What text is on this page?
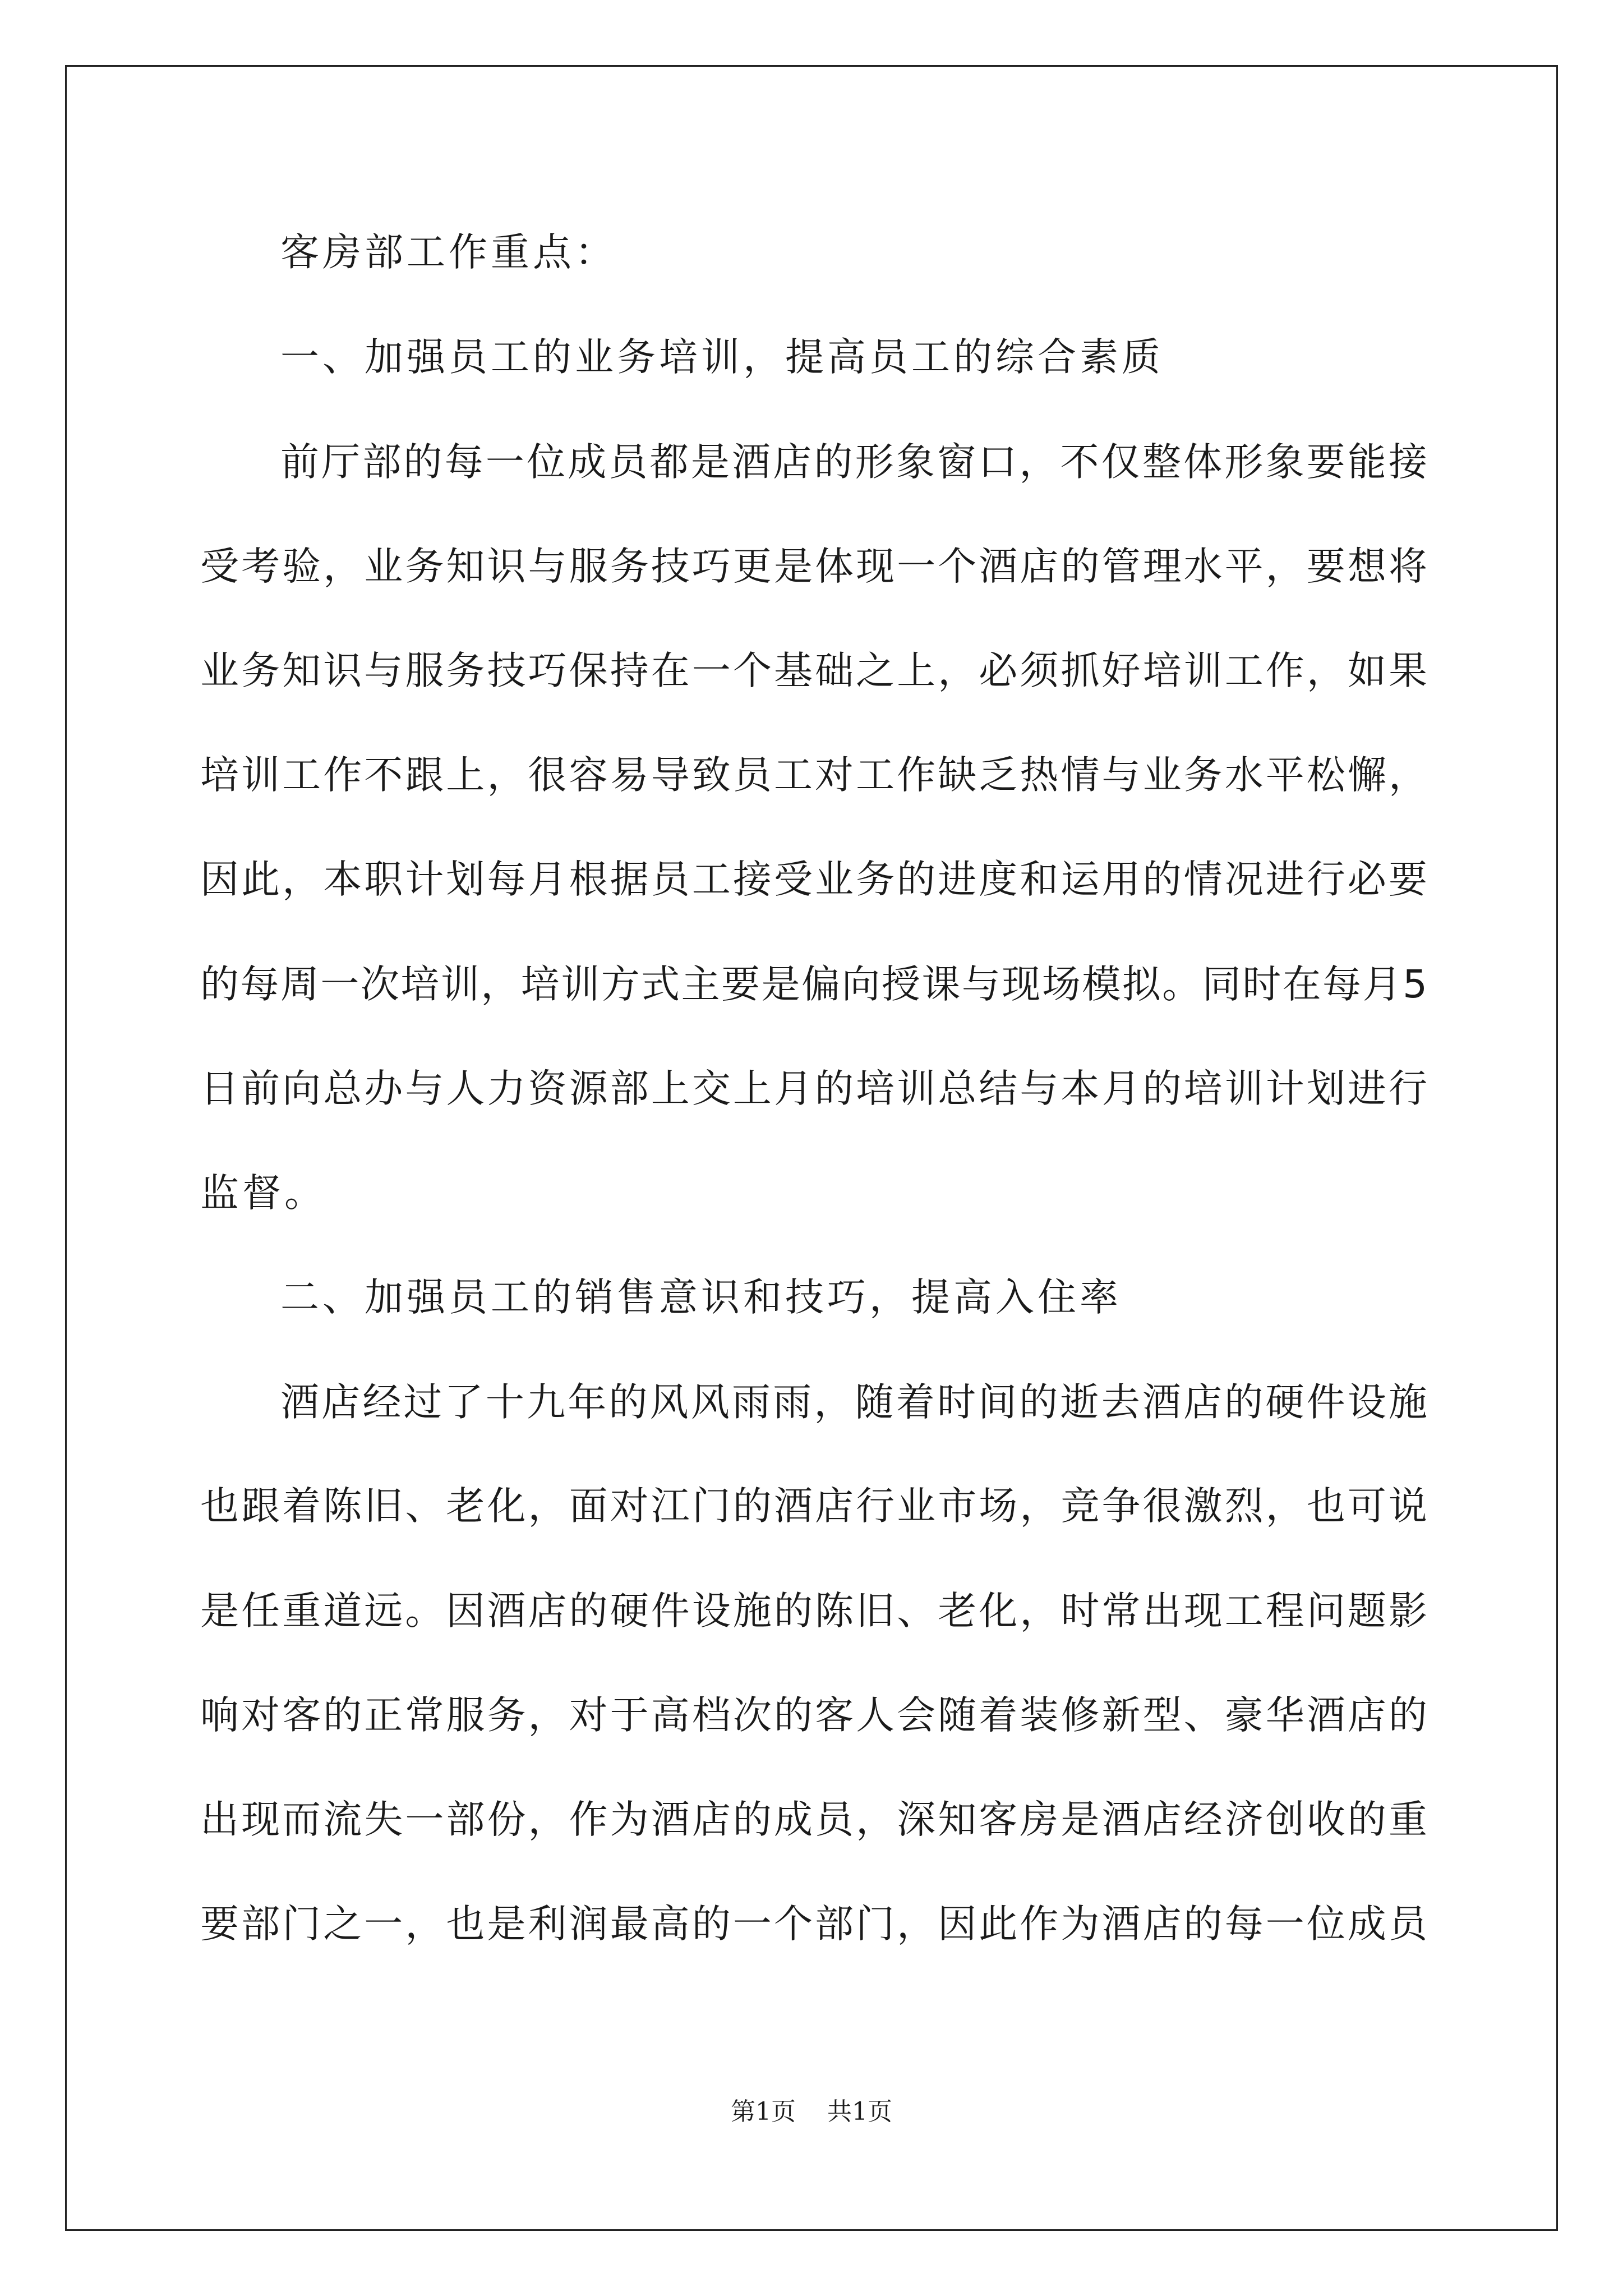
客房部工作重点：
一、加强员工的业务培训，提高员工的综合素质
前厅部的每一位成员都是酒店的形象窗口，不仅整体形象要能接
受考验，业务知识与服务技巧更是体现一个酒店的管理水平，要想将
业务知识与服务技巧保持在一个基础之上，必须抓好培训工作，如果
培训工作不跟上，很容易导致员工对工作缺乏热情与业务水平松懈，
因此，本职计划每月根据员工接受业务的进度和运用的情况进行必要
的每周一次培训，培训方式主要是偏向授课与现场模拟。同时在每月5
日前向总办与人力资源部上交上月的培训总结与本月的培训计划进行
监督。
二、加强员工的销售意识和技巧，提高入住率
酒店经过了十九年的风风雨雨，随着时间的逝去酒店的硬件设施
也跟着陈旧、老化，面对江门的酒店行业市场，竞争很激烈，也可说
是任重道远。因酒店的硬件设施的陈旧、老化，时常出现工程问题影
响对客的正常服务，对于高档次的客人会随着装修新型、豪华酒店的
出现而流失一部份，作为酒店的成员，深知客房是酒店经济创收的重
要部门之一，也是利润最高的一个部门，因此作为酒店的每一位成员
第1页 共1页
